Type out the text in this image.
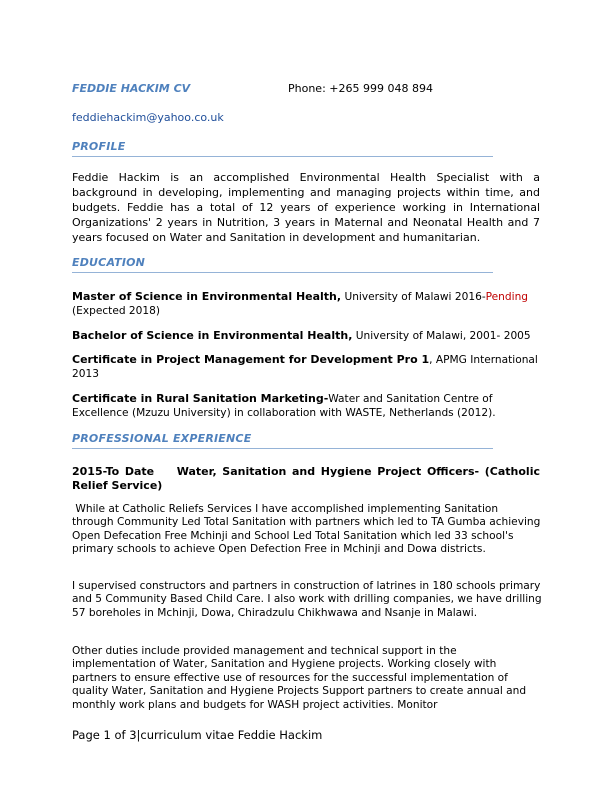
FEDDIE HACKIM CV	Phone: +265 999 048 894
feddiehackim@yahoo.co.uk
PROFILE
Feddie Hackim is an accomplished Environmental Health Specialist with a background in developing, implementing and managing projects within time, and budgets. Feddie has a total of 12 years of experience working in International Organizations' 2 years in Nutrition, 3 years in Maternal and Neonatal Health and 7 years focused on Water and Sanitation in development and humanitarian.
EDUCATION
Master of Science in Environmental Health, University of Malawi 2016-Pending (Expected 2018)
Bachelor of Science in Environmental Health, University of Malawi, 2001- 2005
Certificate in Project Management for Development Pro 1, APMG International 2013
Certificate in Rural Sanitation Marketing-Water and Sanitation Centre of Excellence (Mzuzu University) in collaboration with WASTE, Netherlands (2012).
PROFESSIONAL EXPERIENCE
2015-To Date    Water, Sanitation and Hygiene Project Officers- (Catholic Relief Service)
While at Catholic Reliefs Services I have accomplished implementing Sanitation through Community Led Total Sanitation with partners which led to TA Gumba achieving Open Defecation Free Mchinji and School Led Total Sanitation which led 33 school's primary schools to achieve Open Defection Free in Mchinji and Dowa districts.
I supervised constructors and partners in construction of latrines in 180 schools primary and 5 Community Based Child Care. I also work with drilling companies, we have drilling 57 boreholes in Mchinji, Dowa, Chiradzulu Chikhwawa and Nsanje in Malawi.
Other duties include provided management and technical support in the implementation of Water, Sanitation and Hygiene projects. Working closely with partners to ensure effective use of resources for the successful implementation of quality Water, Sanitation and Hygiene Projects Support partners to create annual and monthly work plans and budgets for WASH project activities. Monitor
Page 1 of 3|curriculum vitae Feddie Hackim
